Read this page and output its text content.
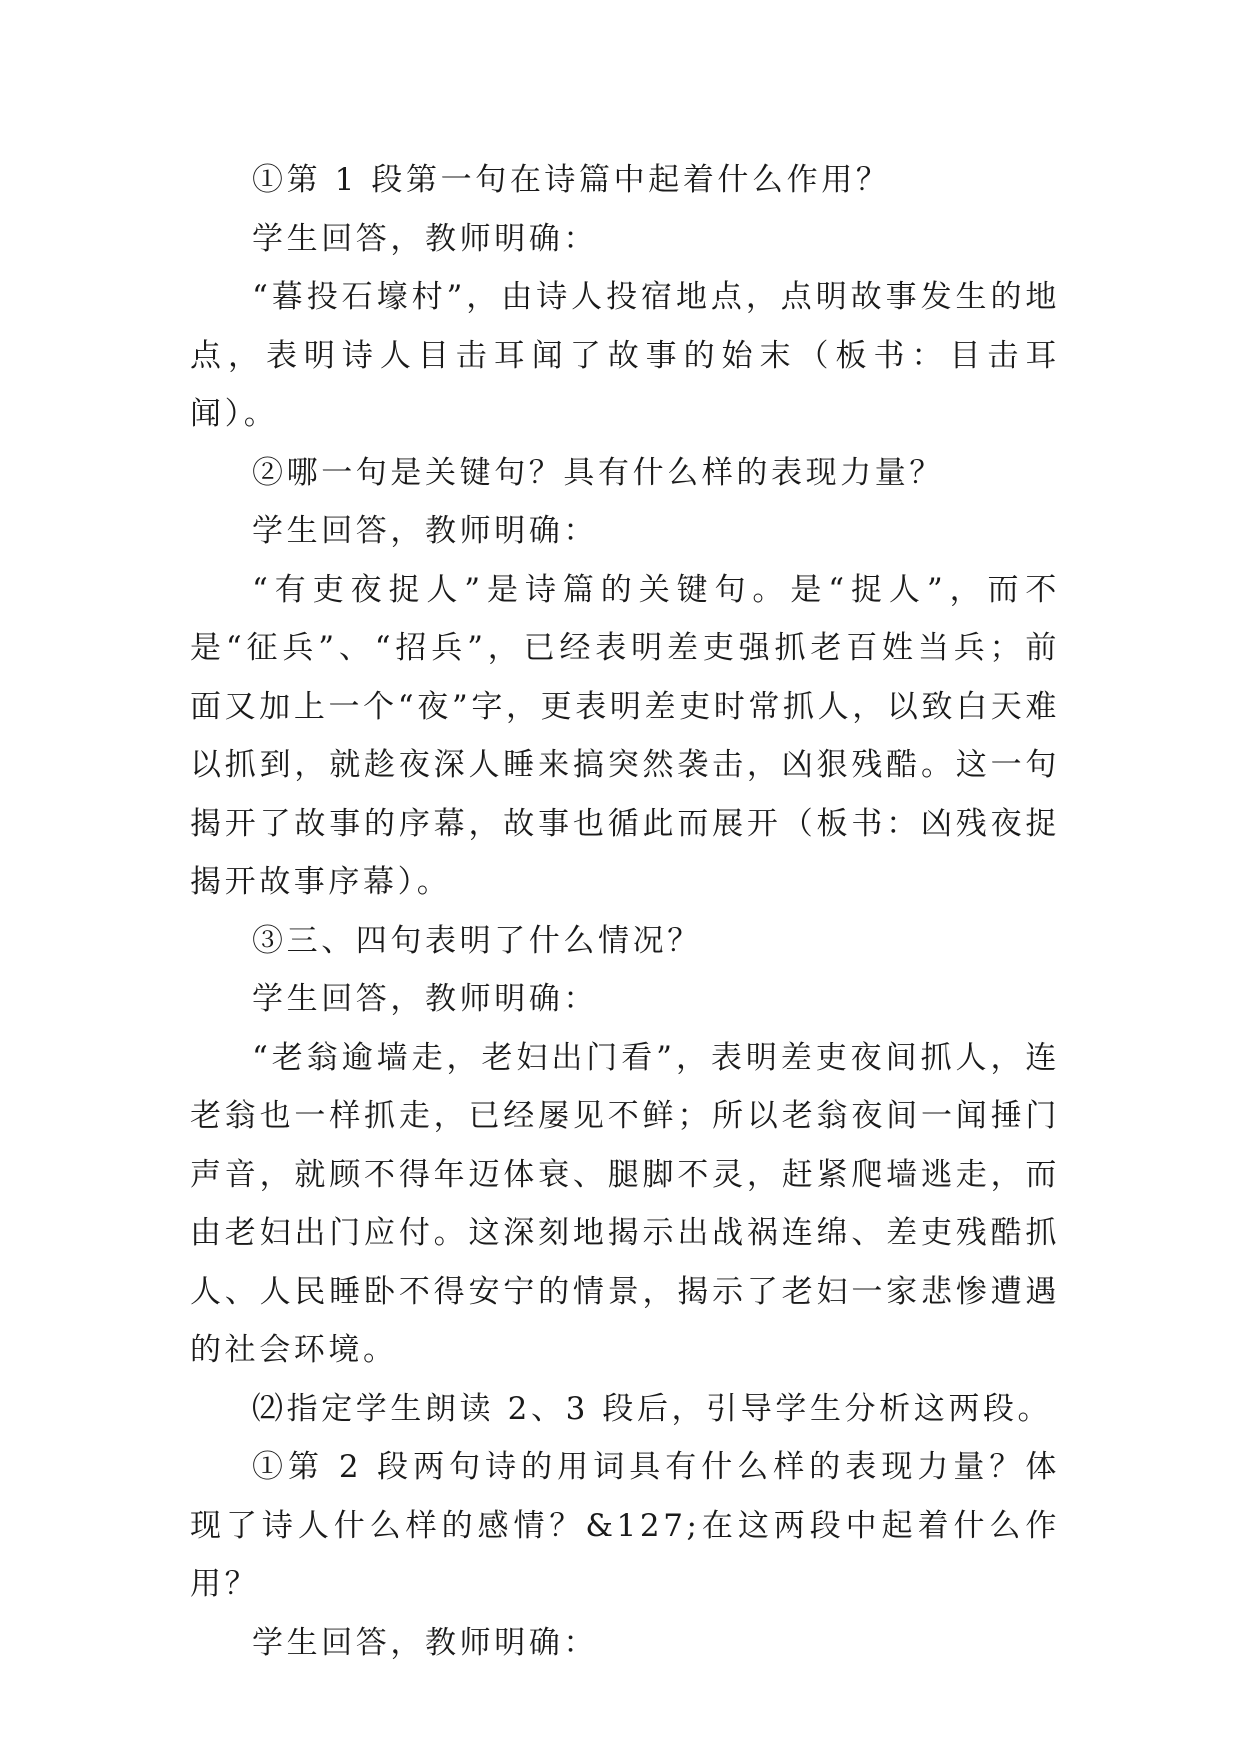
①第 1 段第一句在诗篇中起着什么作用？

学生回答，教师明确：

“暮投石壕村”，由诗人投宿地点，点明故事发生的地点，表明诗人目击耳闻了故事的始末（板书：目击耳闻）。

②哪一句是关键句？具有什么样的表现力量？

学生回答，教师明确：

“有吏夜捉人”是诗篇的关键句。是“捉人”，而不是“征兵”、“招兵”，已经表明差吏强抓老百姓当兵；前面又加上一个“夜”字，更表明差吏时常抓人，以致白天难以抓到，就趁夜深人睡来搞突然袭击，凶狠残酷。这一句揭开了故事的序幕，故事也循此而展开（板书：凶残夜捉 揭开故事序幕）。

③三、四句表明了什么情况？

学生回答，教师明确：

“老翁逾墙走，老妇出门看”，表明差吏夜间抓人，连老翁也一样抓走，已经屡见不鲜；所以老翁夜间一闻捶门声音，就顾不得年迈体衰、腿脚不灵，赶紧爬墙逃走，而由老妇出门应付。这深刻地揭示出战祸连绵、差吏残酷抓人、人民睡卧不得安宁的情景，揭示了老妇一家悲惨遭遇的社会环境。

⑵指定学生朗读 2、3 段后，引导学生分析这两段。

①第 2 段两句诗的用词具有什么样的表现力量？体现了诗人什么样的感情？&127;在这两段中起着什么作用？

学生回答，教师明确：
